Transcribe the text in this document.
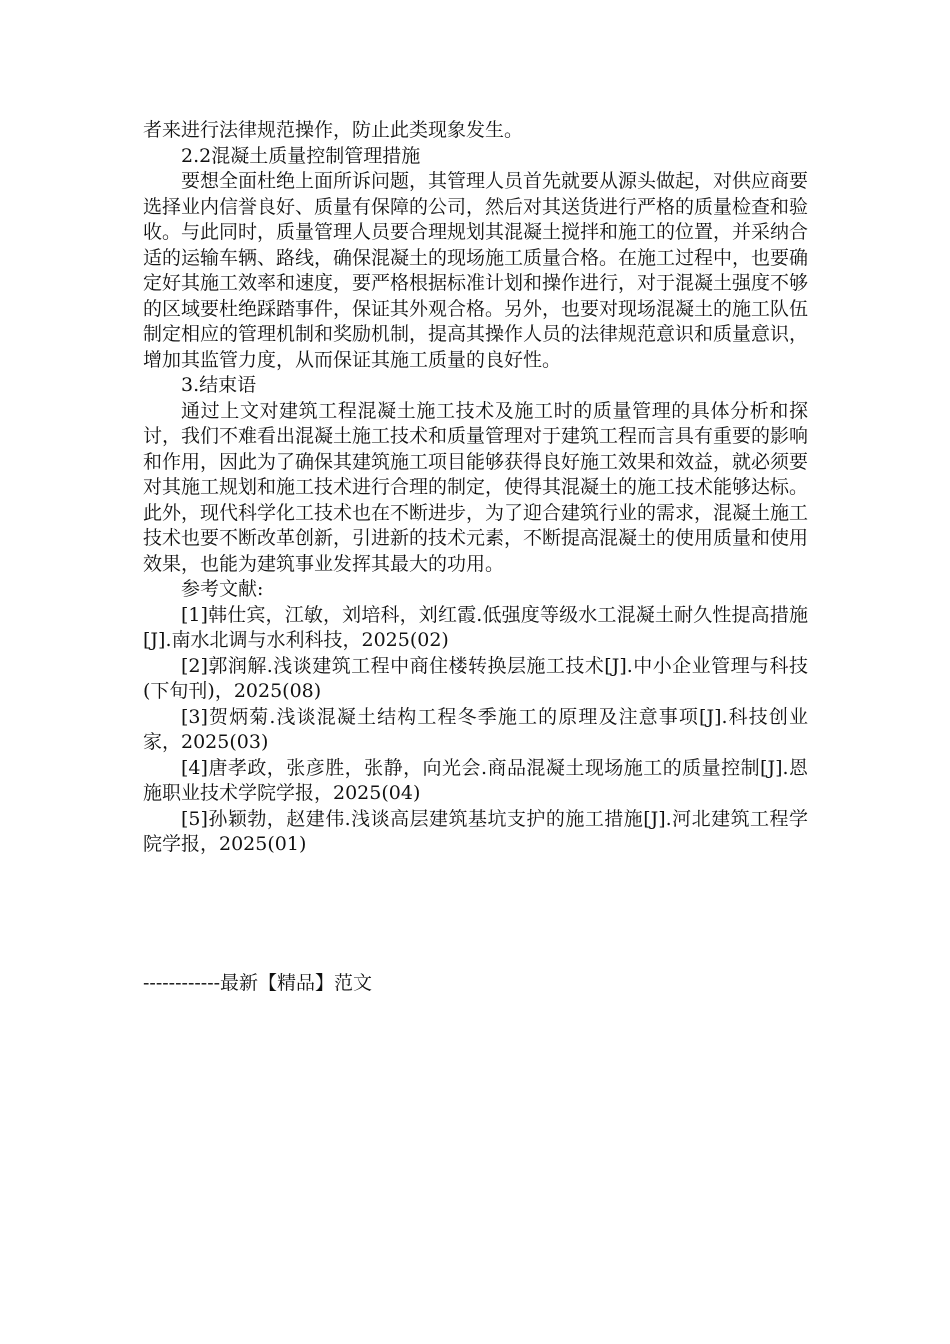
者来进行法律规范操作，防止此类现象发生。

2.2混凝土质量控制管理措施

要想全面杜绝上面所诉问题，其管理人员首先就要从源头做起，对供应商要选择业内信誉良好、质量有保障的公司，然后对其送货进行严格的质量检查和验收。与此同时，质量管理人员要合理规划其混凝土搅拌和施工的位置，并采纳合适的运输车辆、路线，确保混凝土的现场施工质量合格。在施工过程中，也要确定好其施工效率和速度，要严格根据标准计划和操作进行，对于混凝土强度不够的区域要杜绝踩踏事件，保证其外观合格。另外，也要对现场混凝土的施工队伍制定相应的管理机制和奖励机制，提高其操作人员的法律规范意识和质量意识，增加其监管力度，从而保证其施工质量的良好性。

3.结束语

通过上文对建筑工程混凝土施工技术及施工时的质量管理的具体分析和探讨，我们不难看出混凝土施工技术和质量管理对于建筑工程而言具有重要的影响和作用，因此为了确保其建筑施工项目能够获得良好施工效果和效益，就必须要对其施工规划和施工技术进行合理的制定，使得其混凝土的施工技术能够达标。此外，现代科学化工技术也在不断进步，为了迎合建筑行业的需求，混凝土施工技术也要不断改革创新，引进新的技术元素，不断提高混凝土的使用质量和使用效果，也能为建筑事业发挥其最大的功用。

参考文献:

[1]韩仕宾，江敏，刘培科，刘红霞.低强度等级水工混凝土耐久性提高措施[J].南水北调与水利科技，2025(02)

[2]郭润解.浅谈建筑工程中商住楼转换层施工技术[J].中小企业管理与科技(下旬刊)，2025(08)

[3]贺炳菊.浅谈混凝土结构工程冬季施工的原理及注意事项[J].科技创业家，2025(03)

[4]唐孝政，张彦胜，张静，向光会.商品混凝土现场施工的质量控制[J].恩施职业技术学院学报，2025(04)

[5]孙颖勃，赵建伟.浅谈高层建筑基坑支护的施工措施[J].河北建筑工程学院学报，2025(01)

------------最新【精品】范文
